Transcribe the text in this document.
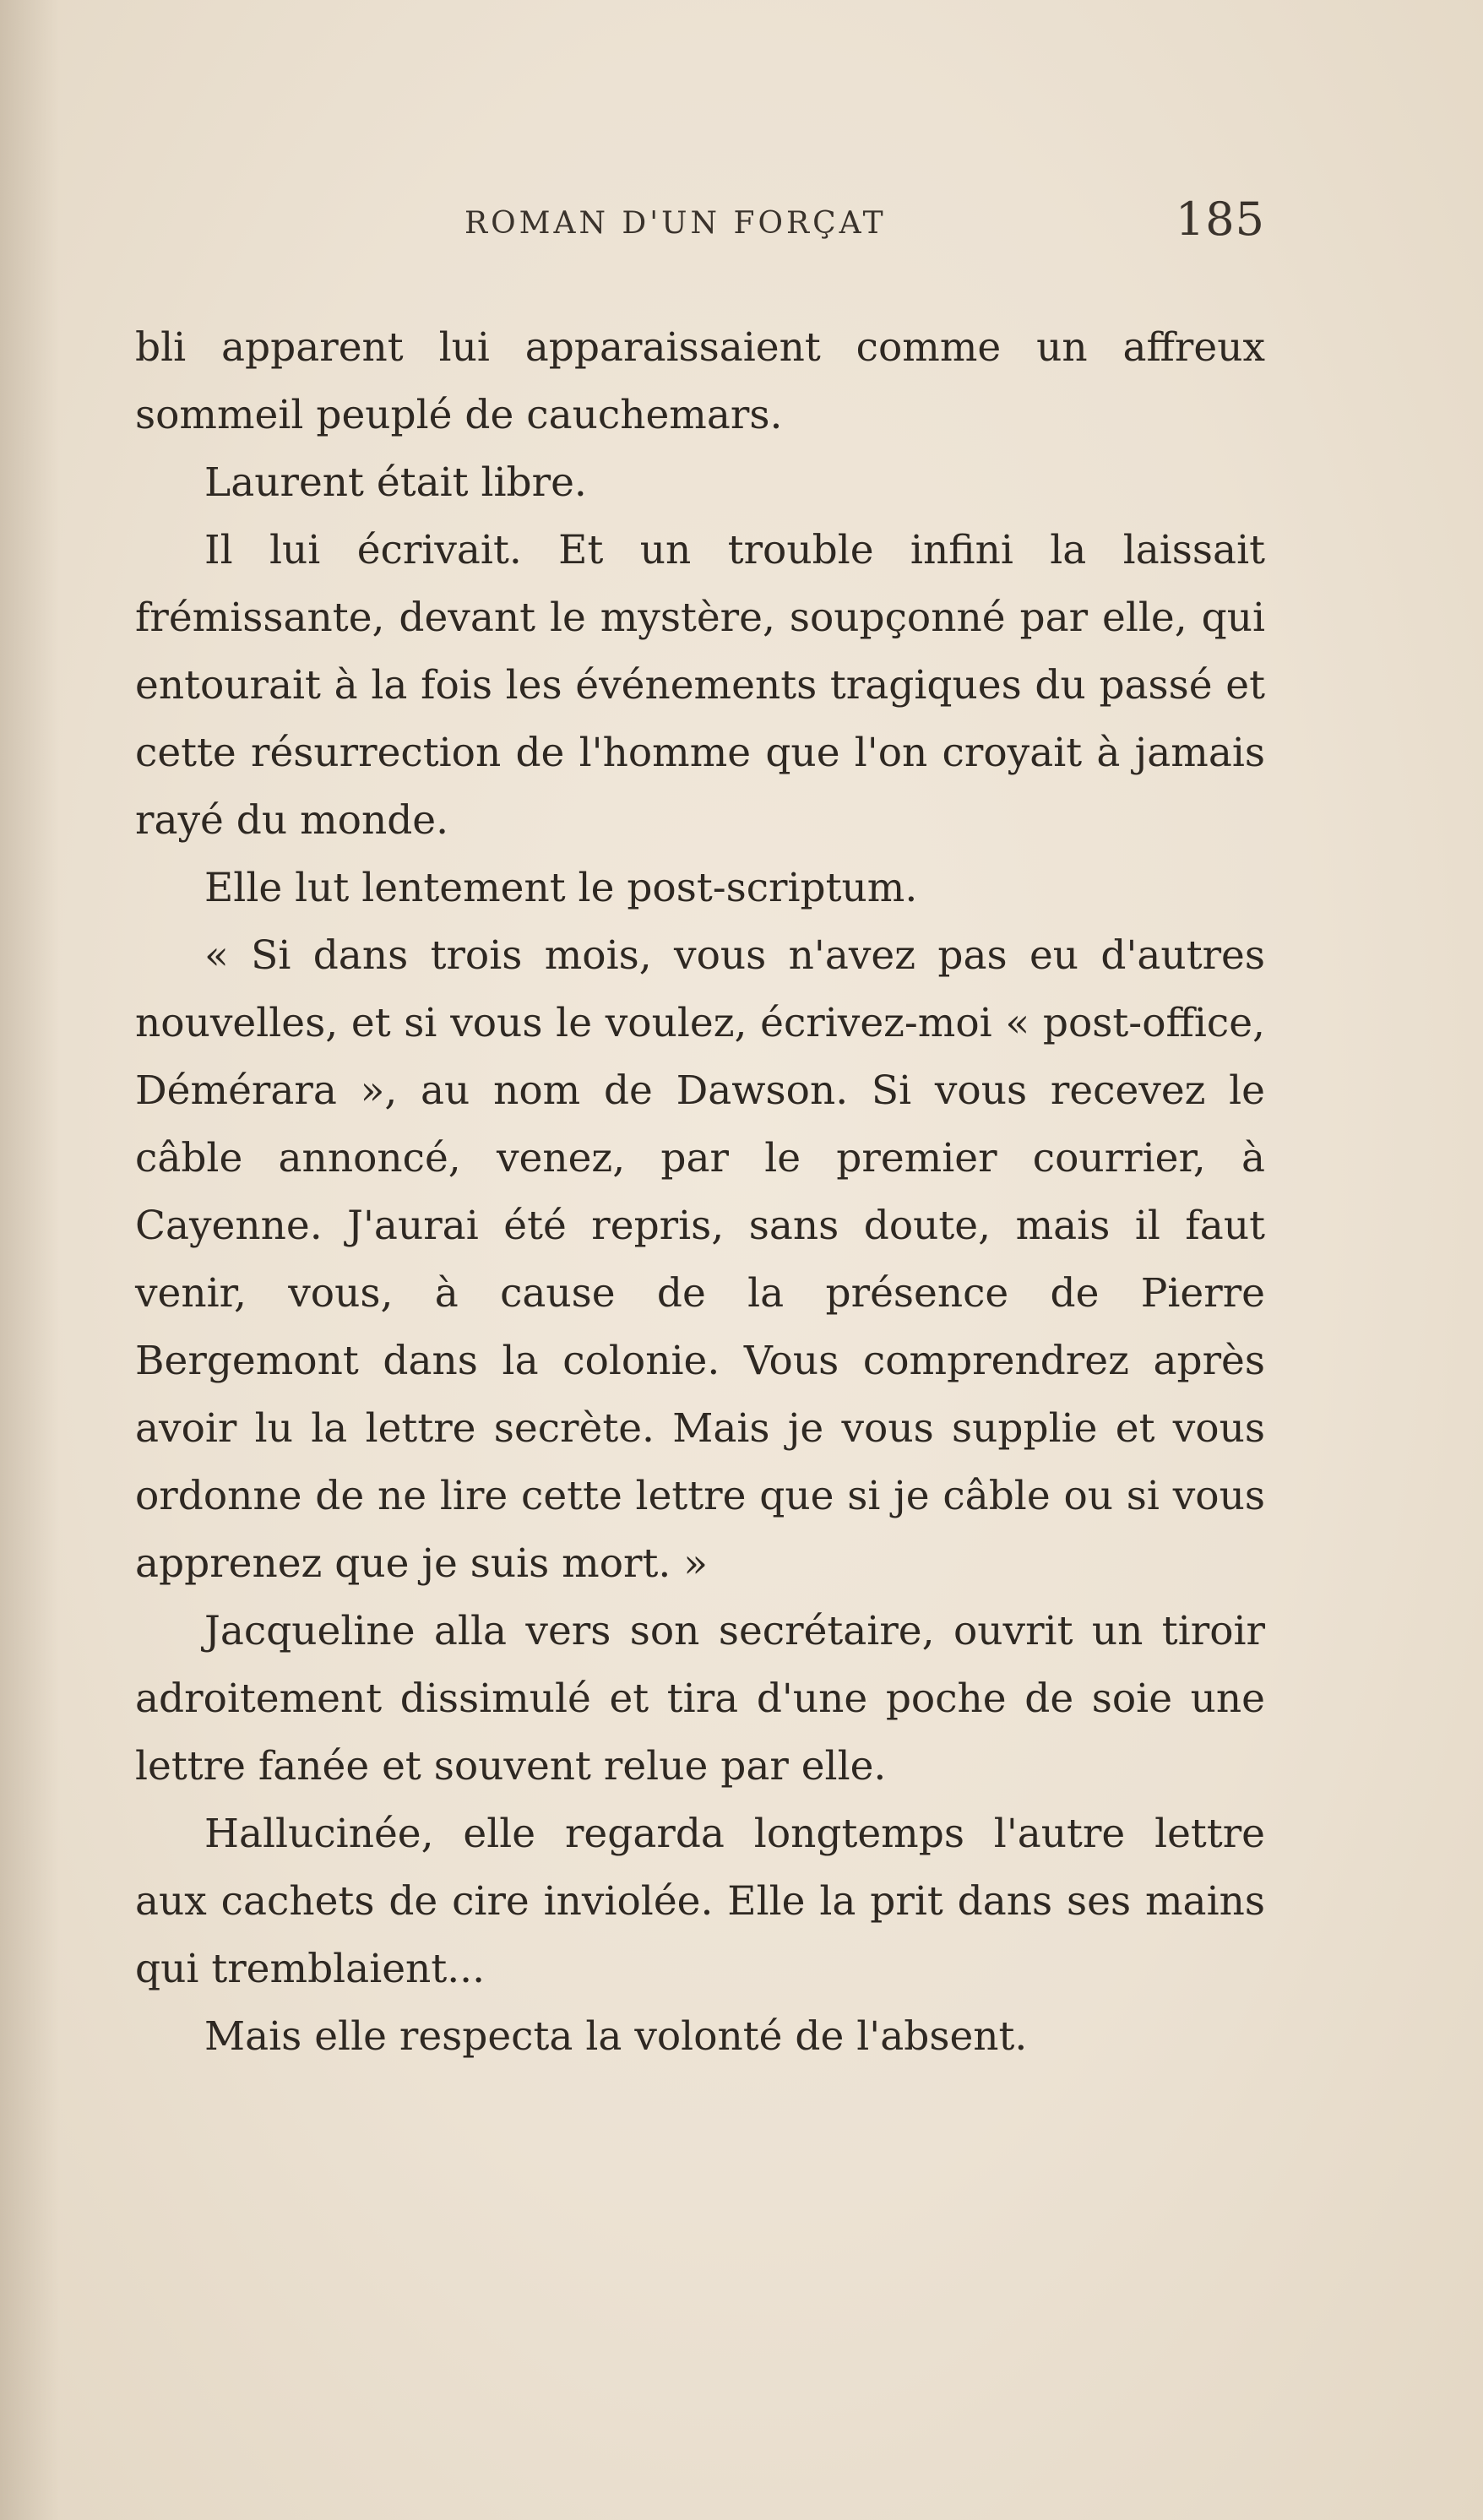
ROMAN D'UN FORÇAT	185

bli apparent lui apparaissaient comme un affreux sommeil peuplé de cauchemars.

Laurent était libre.

Il lui écrivait. Et un trouble infini la laissait frémissante, devant le mystère, soupçonné par elle, qui entourait à la fois les événements tragiques du passé et cette résurrection de l'homme que l'on croyait à jamais rayé du monde.

Elle lut lentement le post-scriptum.

« Si dans trois mois, vous n'avez pas eu d'autres nouvelles, et si vous le voulez, écrivez-moi « post-office, Démérara », au nom de Dawson. Si vous recevez le câble annoncé, venez, par le premier courrier, à Cayenne. J'aurai été repris, sans doute, mais il faut venir, vous, à cause de la présence de Pierre Bergemont dans la colonie. Vous comprendrez après avoir lu la lettre secrète. Mais je vous supplie et vous ordonne de ne lire cette lettre que si je câble ou si vous apprenez que je suis mort. »

Jacqueline alla vers son secrétaire, ouvrit un tiroir adroitement dissimulé et tira d'une poche de soie une lettre fanée et souvent relue par elle.

Hallucinée, elle regarda longtemps l'autre lettre aux cachets de cire inviolée. Elle la prit dans ses mains qui tremblaient...

Mais elle respecta la volonté de l'absent.
